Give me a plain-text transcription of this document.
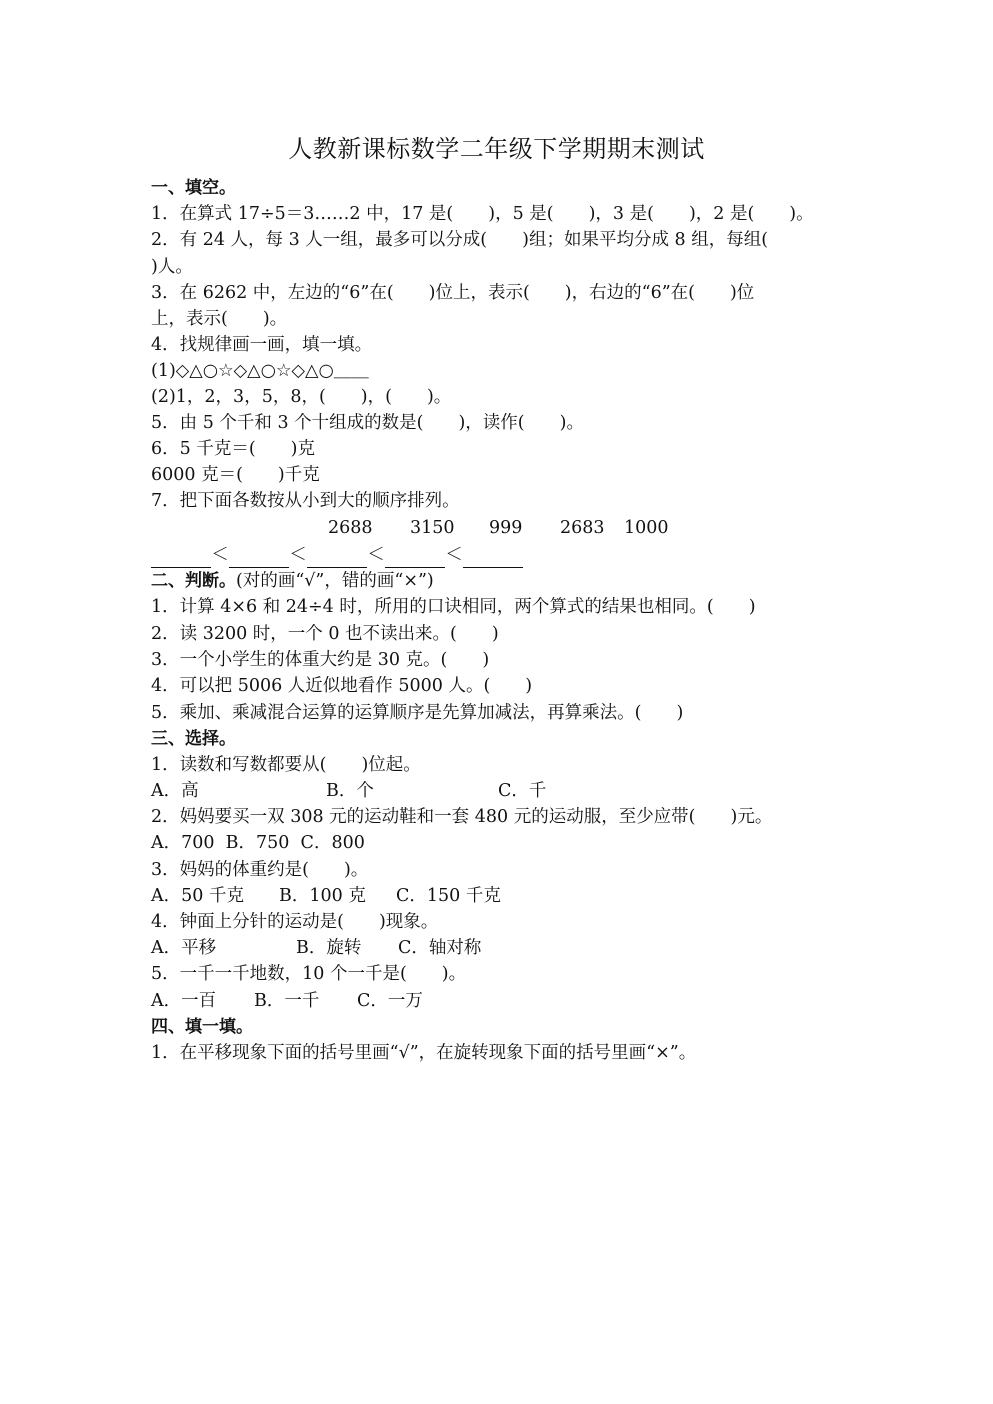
人教新课标数学二年级下学期期末测试
一、填空。
1．在算式 17÷5＝3……2 中，17 是(　　)，5 是(　　)，3 是(　　)，2 是(　　)。
2．有 24 人，每 3 人一组，最多可以分成(　　)组；如果平均分成 8 组，每组(
)人。
3．在 6262 中，左边的“6”在(　　)位上，表示(　　)，右边的“6”在(　　)位
上，表示(　　)。
4．找规律画一画，填一填。
(1)◇△○☆◇△○☆◇△○＿＿
(2)1，2，3，5，8，(　　)，(　　)。
5．由 5 个千和 3 个十组成的数是(　　)，读作(　　)。
6．5 千克＝(　　)克
6000 克＝(　　)千克
7．把下面各数按从小到大的顺序排列。
2688 3150 999 2683 1000
＜	＜	＜	＜
二、判断。(对的画“√”，错的画“×”)
1．计算 4×6 和 24÷4 时，所用的口诀相同，两个算式的结果也相同。(　　)
2．读 3200 时，一个 0 也不读出来。(　　)
3．一个小学生的体重大约是 30 克。(　　)
4．可以把 5006 人近似地看作 5000 人。(　　)
5．乘加、乘减混合运算的运算顺序是先算加减法，再算乘法。(　　)
三、选择。
1．读数和写数都要从(　　)位起。
A．高	B．个	C．千
2．妈妈要买一双 308 元的运动鞋和一套 480 元的运动服，至少应带(　　)元。
A．700  B．750  C．800
3．妈妈的体重约是(　　)。
A．50 千克 B．100 克 C．150 千克
4．钟面上分针的运动是(　　)现象。
A．平移	B．旋转 C．轴对称
5．一千一千地数，10 个一千是(　　)。
A．一百 B．一千 C．一万
四、填一填。
1．在平移现象下面的括号里画“√”，在旋转现象下面的括号里画“×”。
